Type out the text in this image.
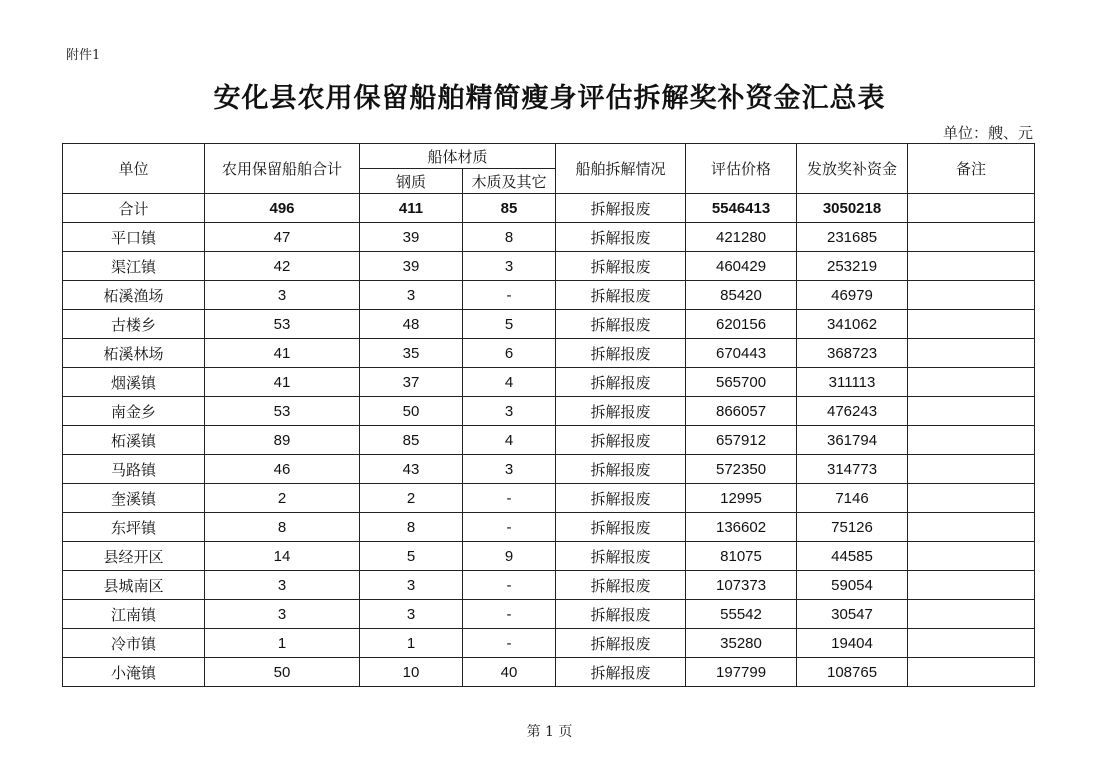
附件1
安化县农用保留船舶精简瘦身评估拆解奖补资金汇总表
单位：艘、元
单位	农用保留船舶合计	船体材质		船舶拆解情况	评估价格	发放奖补资金	备注
		钢质	木质及其它				
合计	496	411	85	拆解报废	5546413	3050218	
平口镇	47	39	8	拆解报废	421280	231685	
渠江镇	42	39	3	拆解报废	460429	253219	
柘溪渔场	3	3	-	拆解报废	85420	46979	
古楼乡	53	48	5	拆解报废	620156	341062	
柘溪林场	41	35	6	拆解报废	670443	368723	
烟溪镇	41	37	4	拆解报废	565700	311113	
南金乡	53	50	3	拆解报废	866057	476243	
柘溪镇	89	85	4	拆解报废	657912	361794	
马路镇	46	43	3	拆解报废	572350	314773	
奎溪镇	2	2	-	拆解报废	12995	7146	
东坪镇	8	8	-	拆解报废	136602	75126	
县经开区	14	5	9	拆解报废	81075	44585	
县城南区	3	3	-	拆解报废	107373	59054	
江南镇	3	3	-	拆解报废	55542	30547	
冷市镇	1	1	-	拆解报废	35280	19404	
小淹镇	50	10	40	拆解报废	197799	108765	
第 1 页
